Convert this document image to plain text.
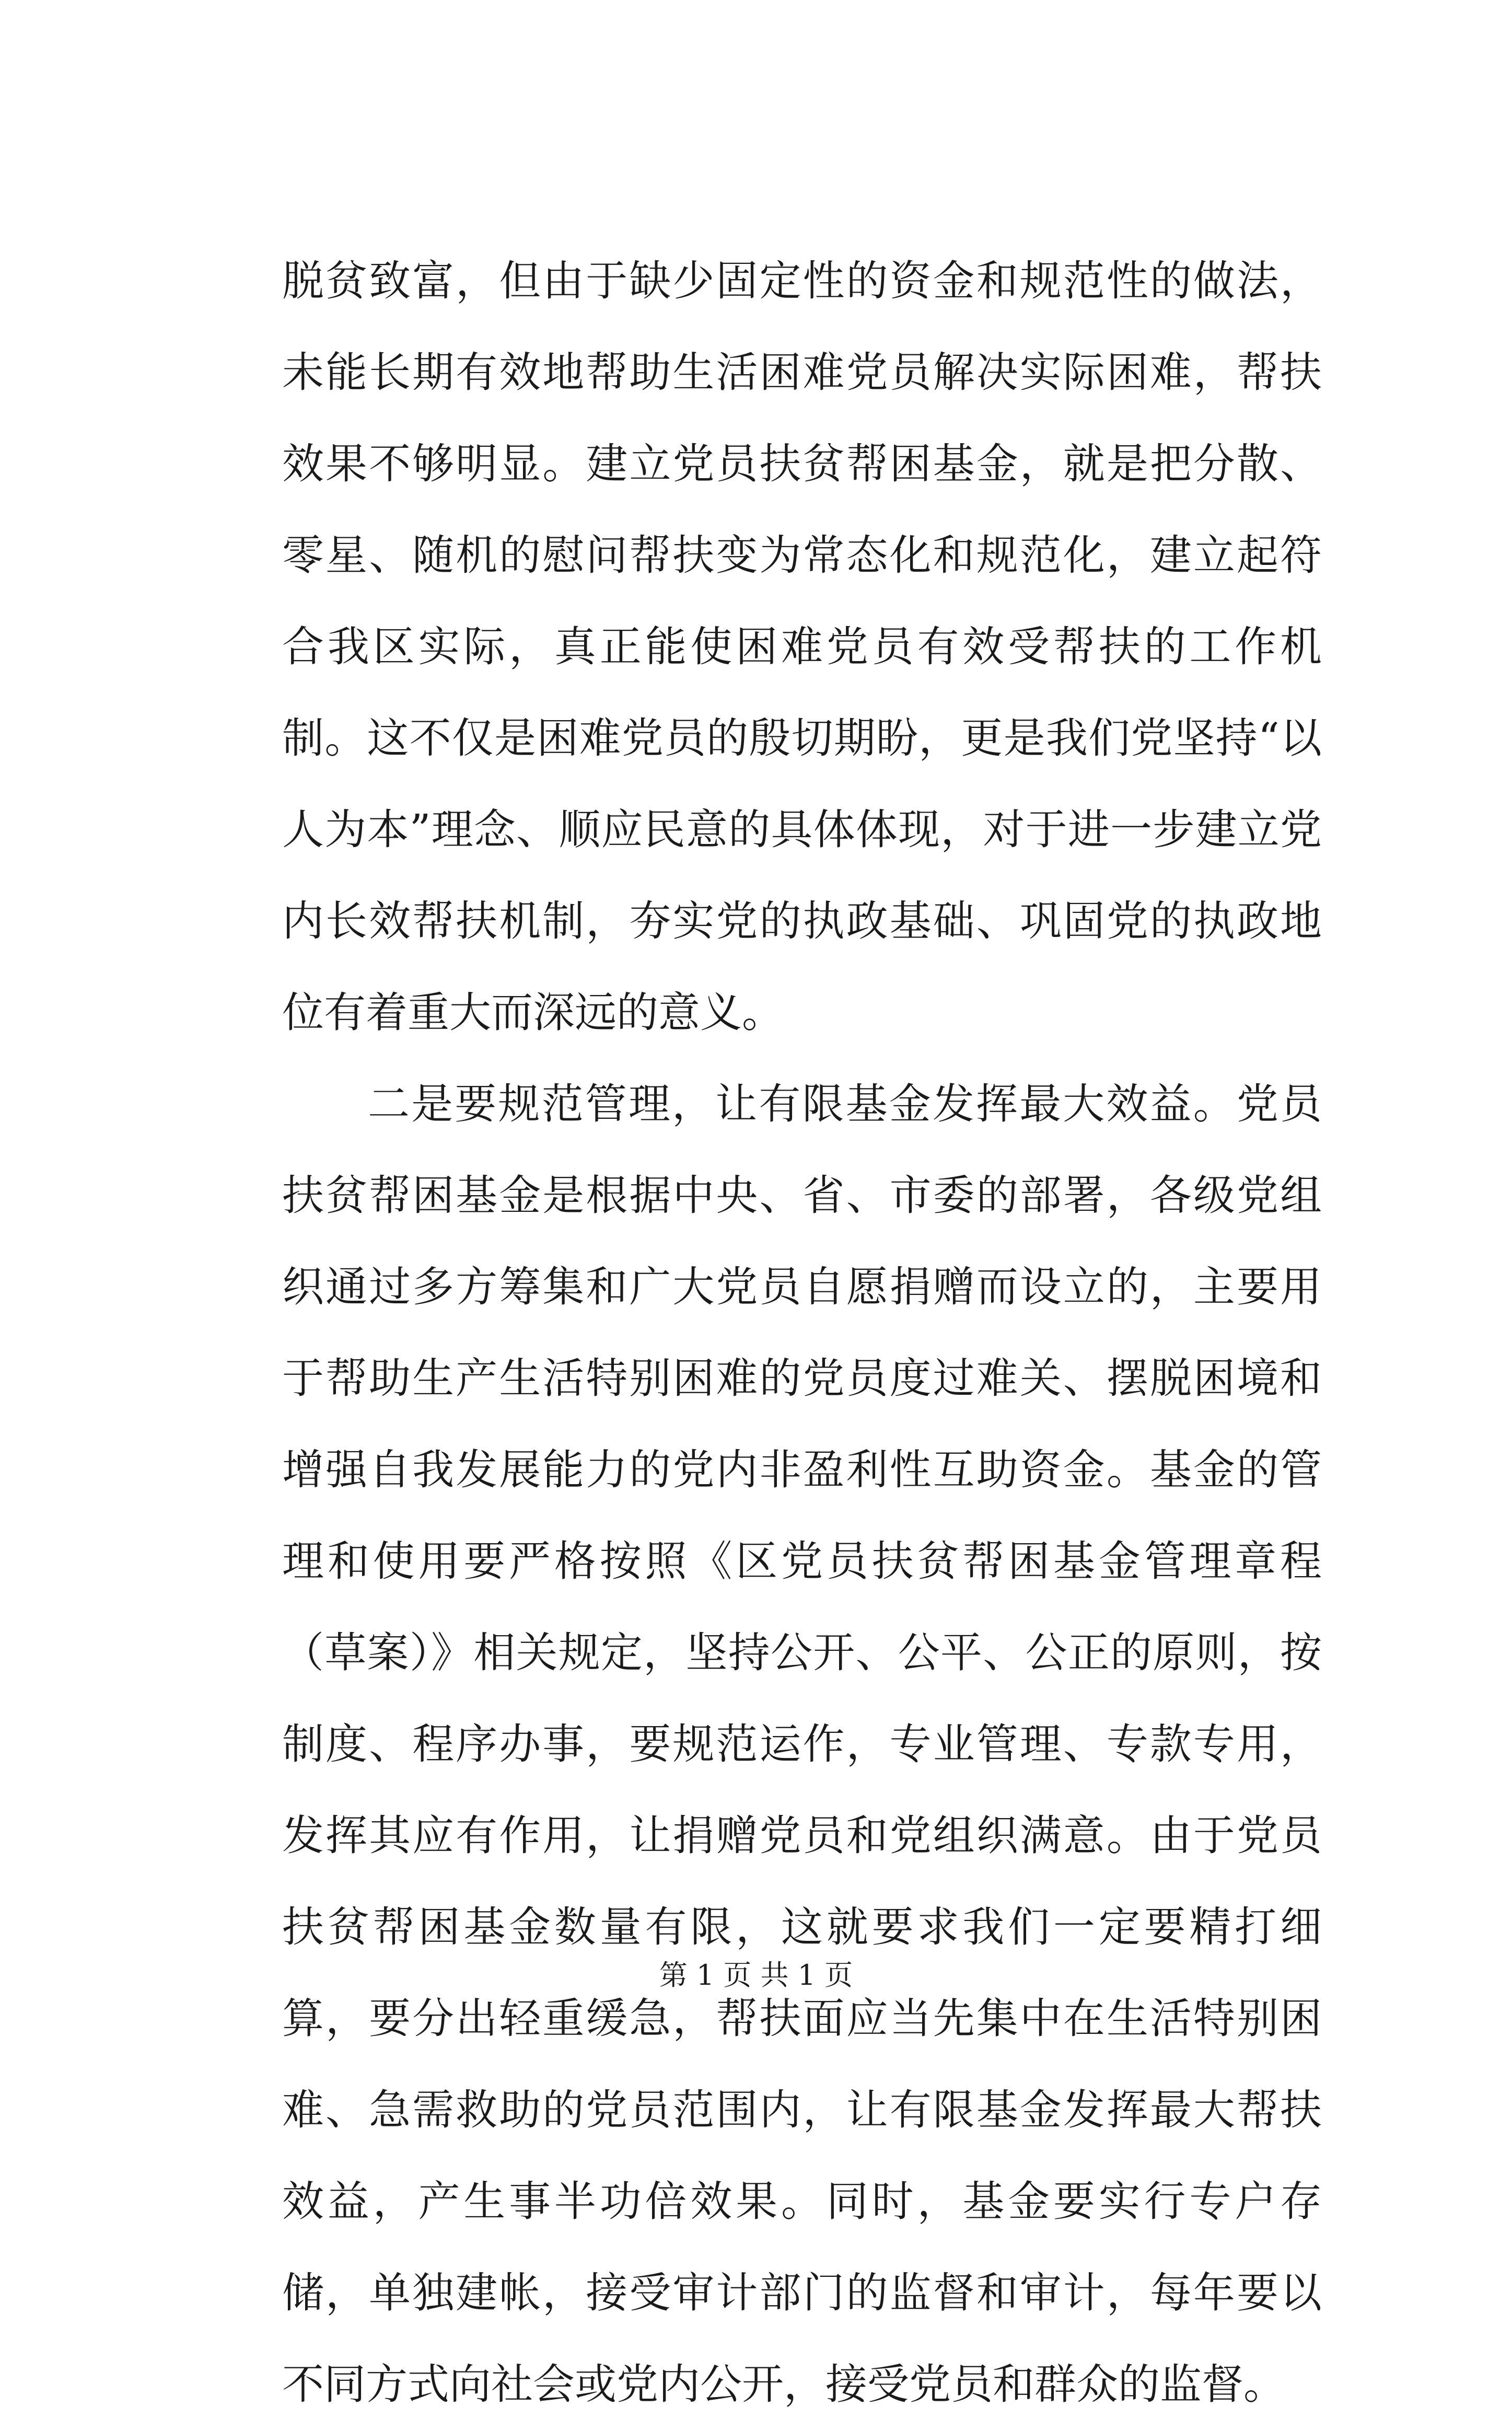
脱贫致富，但由于缺少固定性的资金和规范性的做法，未能长期有效地帮助生活困难党员解决实际困难，帮扶效果不够明显。建立党员扶贫帮困基金，就是把分散、零星、随机的慰问帮扶变为常态化和规范化，建立起符合我区实际，真正能使困难党员有效受帮扶的工作机制。这不仅是困难党员的殷切期盼，更是我们党坚持“以人为本”理念、顺应民意的具体体现，对于进一步建立党内长效帮扶机制，夯实党的执政基础、巩固党的执政地位有着重大而深远的意义。

二是要规范管理，让有限基金发挥最大效益。党员扶贫帮困基金是根据中央、省、市委的部署，各级党组织通过多方筹集和广大党员自愿捐赠而设立的，主要用于帮助生产生活特别困难的党员度过难关、摆脱困境和增强自我发展能力的党内非盈利性互助资金。基金的管理和使用要严格按照《区党员扶贫帮困基金管理章程（草案）》相关规定，坚持公开、公平、公正的原则，按制度、程序办事，要规范运作，专业管理、专款专用，发挥其应有作用，让捐赠党员和党组织满意。由于党员扶贫帮困基金数量有限，这就要求我们一定要精打细算，要分出轻重缓急，帮扶面应当先集中在生活特别困难、急需救助的党员范围内，让有限基金发挥最大帮扶效益，产生事半功倍效果。同时，基金要实行专户存储，单独建帐，接受审计部门的监督和审计，每年要以不同方式向社会或党内公开，接受党员和群众的监督。

第 1 页 共 1 页
